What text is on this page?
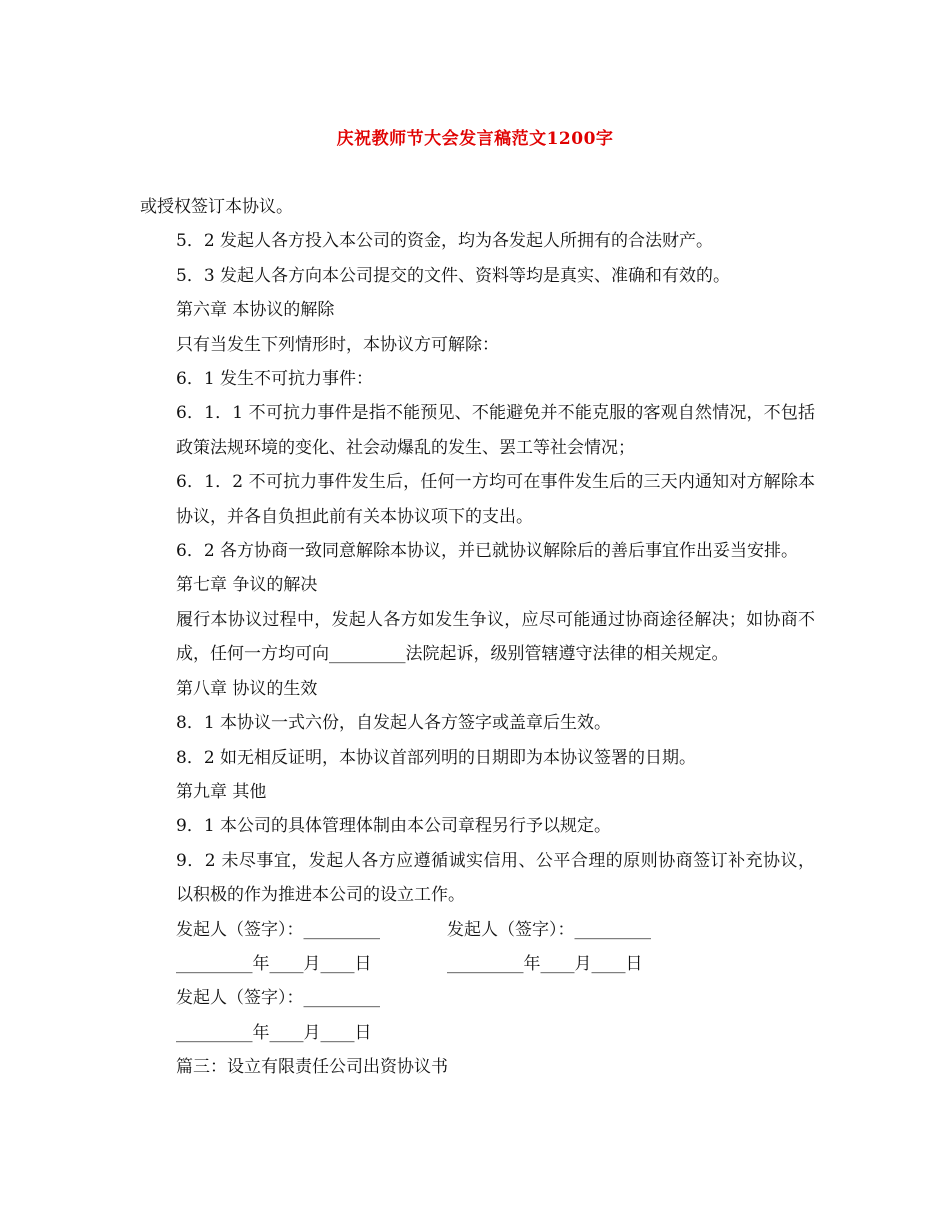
庆祝教师节大会发言稿范文1200字

或授权签订本协议。

5．2 发起人各方投入本公司的资金，均为各发起人所拥有的合法财产。

5．3 发起人各方向本公司提交的文件、资料等均是真实、准确和有效的。

第六章 本协议的解除

只有当发生下列情形时，本协议方可解除：

6．1 发生不可抗力事件：

6．1．1 不可抗力事件是指不能预见、不能避免并不能克服的客观自然情况，不包括政策法规环境的变化、社会动爆乱的发生、罢工等社会情况；

6．1．2 不可抗力事件发生后，任何一方均可在事件发生后的三天内通知对方解除本协议，并各自负担此前有关本协议项下的支出。

6．2 各方协商一致同意解除本协议，并已就协议解除后的善后事宜作出妥当安排。

第七章 争议的解决

履行本协议过程中，发起人各方如发生争议，应尽可能通过协商途径解决；如协商不成，任何一方均可向_________法院起诉，级别管辖遵守法律的相关规定。

第八章 协议的生效

8．1 本协议一式六份，自发起人各方签字或盖章后生效。

8．2 如无相反证明，本协议首部列明的日期即为本协议签署的日期。

第九章 其他

9．1 本公司的具体管理体制由本公司章程另行予以规定。

9．2 未尽事宜，发起人各方应遵循诚实信用、公平合理的原则协商签订补充协议，以积极的作为推进本公司的设立工作。

发起人（签字）：_________	发起人（签字）：_________
_________年____月____日	_________年____月____日
发起人（签字）：_________
_________年____月____日

篇三：设立有限责任公司出资协议书
